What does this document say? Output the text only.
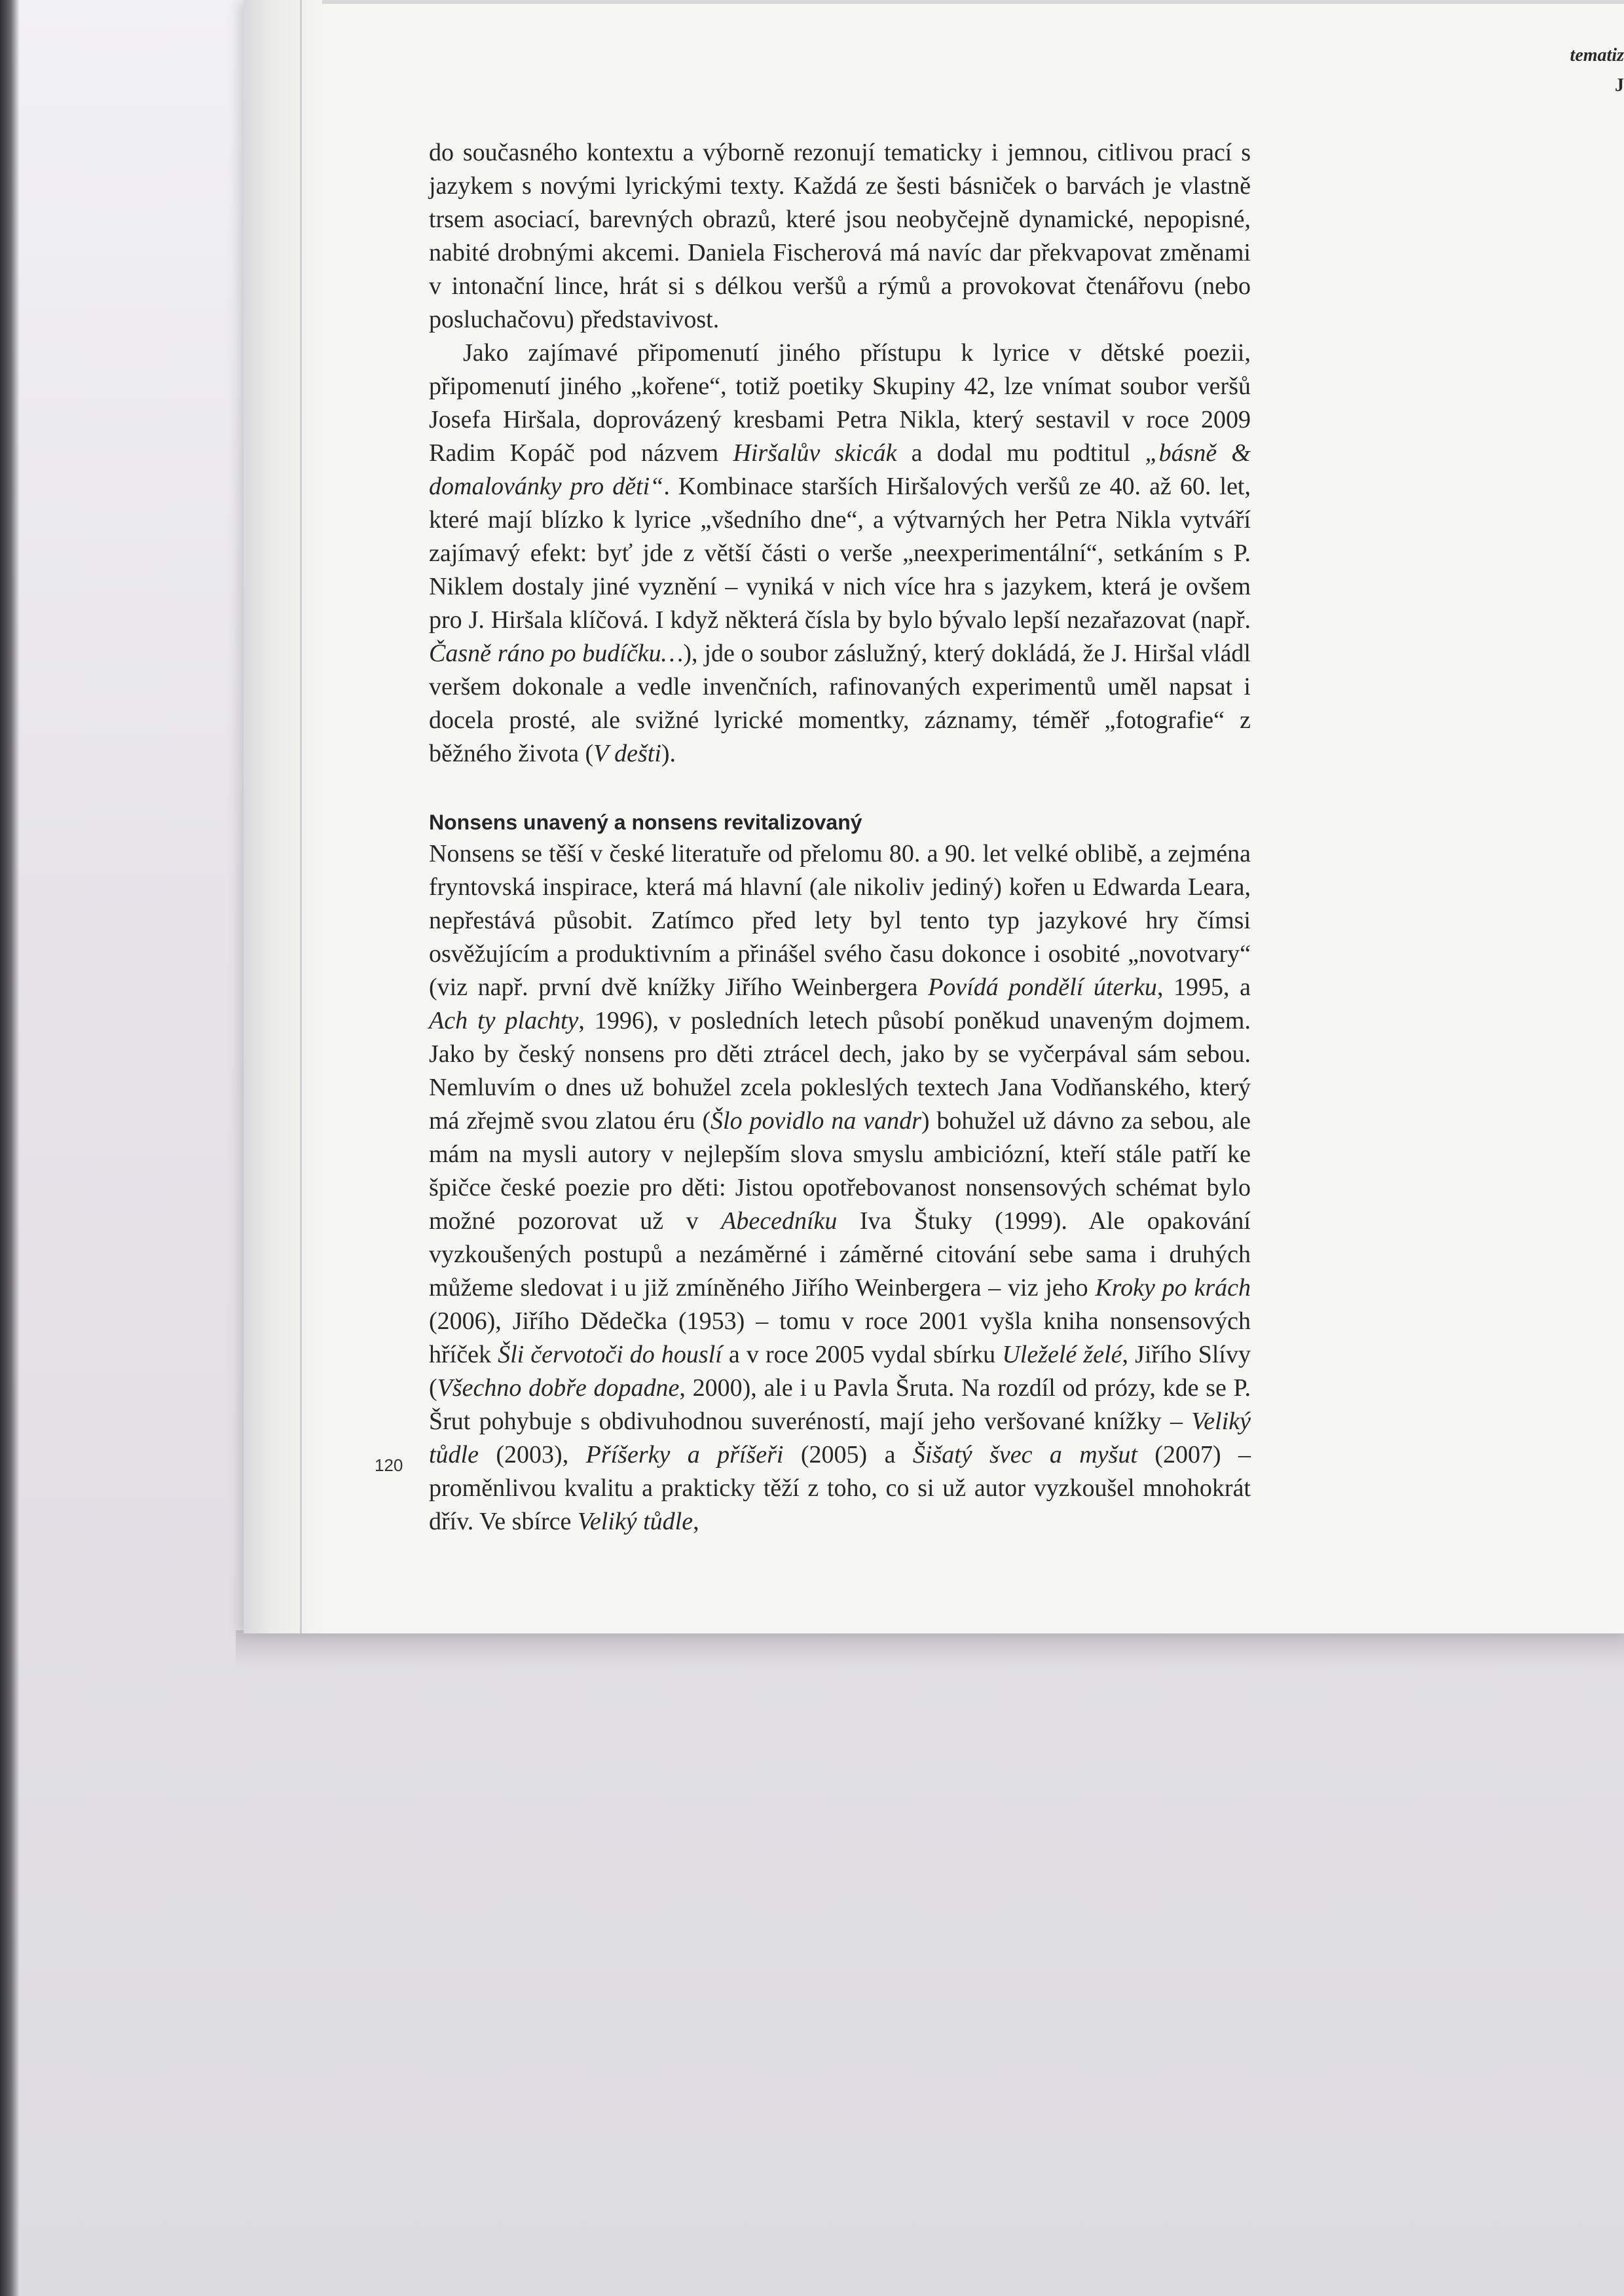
tematiz
J

do současného kontextu a výborně rezonují tematicky i jemnou, citlivou prací s jazykem s novými lyrickými texty. Každá ze šesti básniček o barvách je vlastně trsem asociací, barevných obrazů, které jsou neobyčejně dynamické, nepopisné, nabité drobnými akcemi. Daniela Fischerová má navíc dar překvapovat změnami v intonační lince, hrát si s délkou veršů a rýmů a provokovat čtenářovu (nebo posluchačovu) představivost.

Jako zajímavé připomenutí jiného přístupu k lyrice v dětské poezii, připomenutí jiného „kořene“, totiž poetiky Skupiny 42, lze vnímat soubor veršů Josefa Hiršala, doprovázený kresbami Petra Nikla, který sestavil v roce 2009 Radim Kopáč pod názvem Hiršalův skicák a dodal mu podtitul „básně & domalovánky pro děti“. Kombinace starších Hiršalových veršů ze 40. až 60. let, které mají blízko k lyrice „všedního dne“, a výtvarných her Petra Nikla vytváří zajímavý efekt: byť jde z větší části o verše „neexperimentální“, setkáním s P. Niklem dostaly jiné vyznění – vyniká v nich více hra s jazykem, která je ovšem pro J. Hiršala klíčová. I když některá čísla by bylo bývalo lepší nezařazovat (např. Časně ráno po budíčku…), jde o soubor záslužný, který dokládá, že J. Hiršal vládl veršem dokonale a vedle invenčních, rafinovaných experimentů uměl napsat i docela prosté, ale svižné lyrické momentky, záznamy, téměř „fotografie“ z běžného života (V dešti).

Nonsens unavený a nonsens revitalizovaný

Nonsens se těší v české literatuře od přelomu 80. a 90. let velké oblibě, a zejména fryntovská inspirace, která má hlavní (ale nikoliv jediný) kořen u Edwarda Leara, nepřestává působit. Zatímco před lety byl tento typ jazykové hry čímsi osvěžujícím a produktivním a přinášel svého času dokonce i osobité „novotvary“ (viz např. první dvě knížky Jiřího Weinbergera Povídá pondělí úterku, 1995, a Ach ty plachty, 1996), v posledních letech působí poněkud unaveným dojmem. Jako by český nonsens pro děti ztrácel dech, jako by se vyčerpával sám sebou. Nemluvím o dnes už bohužel zcela pokleslých textech Jana Vodňanského, který má zřejmě svou zlatou éru (Šlo povidlo na vandr) bohužel už dávno za sebou, ale mám na mysli autory v nejlepším slova smyslu ambiciózní, kteří stále patří ke špičce české poezie pro děti: Jistou opotřebovanost nonsensových schémat bylo možné pozorovat už v Abecedníku Iva Štuky (1999). Ale opakování vyzkoušených postupů a nezáměrné i záměrné citování sebe sama i druhých můžeme sledovat i u již zmíněného Jiřího Weinbergera – viz jeho Kroky po krách (2006), Jiřího Dědečka (1953) – tomu v roce 2001 vyšla kniha nonsensových hříček Šli červotoči do houslí a v roce 2005 vydal sbírku Uleželé želé, Jiřího Slívy (Všechno dobře dopadne, 2000), ale i u Pavla Šruta. Na rozdíl od prózy, kde se P. Šrut pohybuje s obdivuhodnou suveréností, mají jeho veršované knížky – Veliký tůdle (2003), Příšerky a příšeři (2005) a Šišatý švec a myšut (2007) – proměnlivou kvalitu a prakticky těží z toho, co si už autor vyzkoušel mnohokrát dřív. Ve sbírce Veliký tůdle,

120
